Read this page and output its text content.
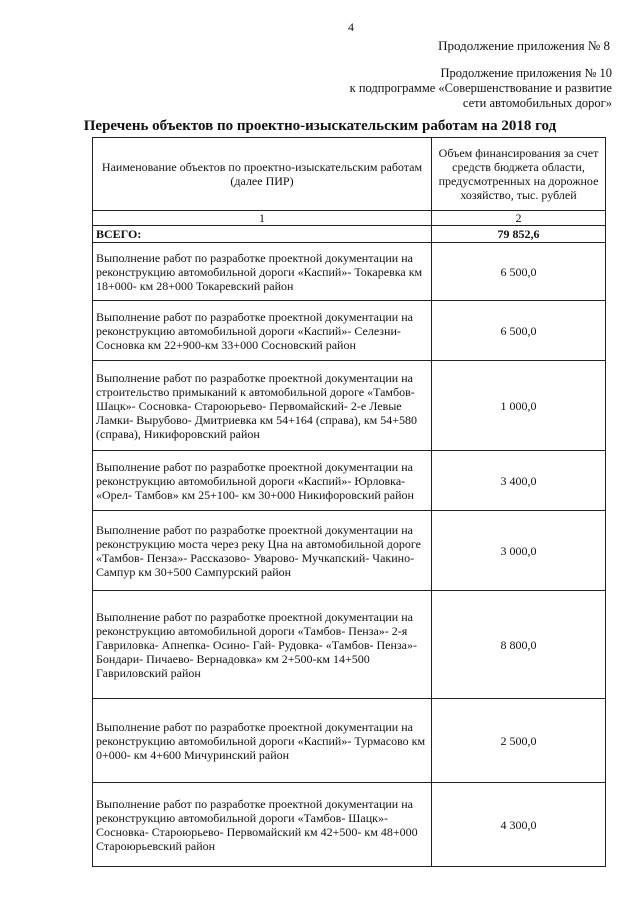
4
Продолжение приложения № 8
Продолжение приложения № 10
к подпрограмме «Совершенствование и развитие
сети автомобильных дорог»
Перечень объектов по проектно-изыскательским работам на 2018 год
Наименование объектов по проектно-изыскательским работам (далее ПИР)	Объем финансирования за счет средств бюджета области, предусмотренных на дорожное хозяйство, тыс. рублей
1	2
ВСЕГО:	79 852,6
Выполнение работ по разработке проектной документации на реконструкцию автомобильной дороги «Каспий»- Токаревка км 18+000- км 28+000 Токаревский район	6 500,0
Выполнение работ по разработке проектной документации на реконструкцию автомобильной дороги «Каспий»- Селезни- Сосновка км 22+900-км 33+000 Сосновский район	6 500,0
Выполнение работ по разработке проектной документации на строительство примыканий к автомобильной дороге «Тамбов- Шацк»- Сосновка- Староюрьево- Первомайский- 2-е Левые Ламки- Вырубово- Дмитриевка км 54+164 (справа), км 54+580 (справа), Никифоровский район	1 000,0
Выполнение работ по разработке проектной документации на реконструкцию автомобильной дороги «Каспий»- Юрловка- «Орел- Тамбов» км 25+100- км 30+000 Никифоровский район	3 400,0
Выполнение работ по разработке проектной документации на реконструкцию моста через реку Цна на автомобильной дороге «Тамбов- Пенза»- Рассказово- Уварово- Мучкапский- Чакино- Сампур км 30+500 Сампурский район	3 000,0
Выполнение работ по разработке проектной документации на реконструкцию автомобильной дороги «Тамбов- Пенза»- 2-я Гавриловка- Апнепка- Осино- Гай- Рудовка- «Тамбов- Пенза»- Бондари- Пичаево- Вернадовка» км 2+500-км 14+500 Гавриловский район	8 800,0
Выполнение работ по разработке проектной документации на реконструкцию автомобильной дороги «Каспий»- Турмасово км 0+000- км 4+600 Мичуринский район	2 500,0
Выполнение работ по разработке проектной документации на реконструкцию автомобильной дороги «Тамбов- Шацк»-Сосновка- Староюрьево- Первомайский км 42+500- км 48+000 Староюрьевский район	4 300,0
